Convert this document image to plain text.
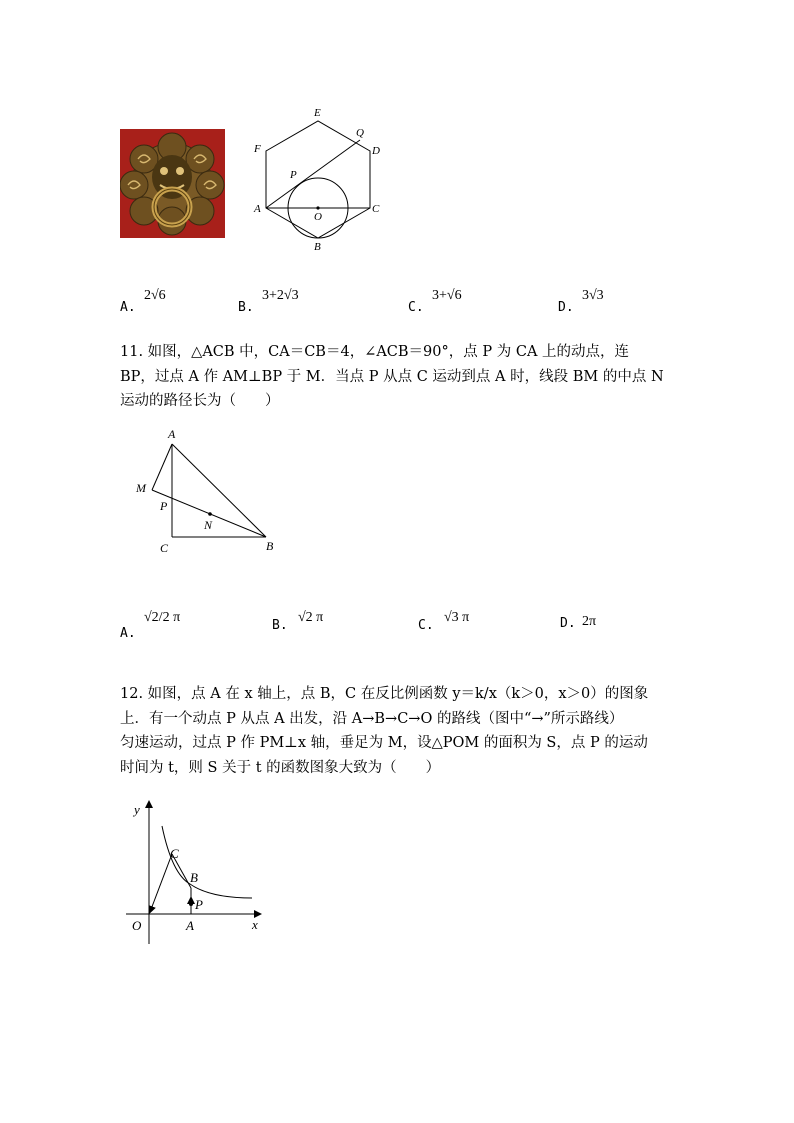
E
F
Q
D
P
A
O
C
B
A.
2√6
B.
3+2√3
C.
3+√6
D.
3√3
11. 如图，△ACB 中，CA＝CB＝4，∠ACB＝90°，点 P 为 CA 上的动点，连
BP，过点 A 作 AM⊥BP 于 M．当点 P 从点 C 运动到点 A 时，线段 BM 的中点 N
运动的路径长为（　　）
A
M
P
N
C	B
A.
√2/2 π
B.
√2 π
C.
√3 π	D. 2π
12. 如图，点 A 在 x 轴上，点 B，C 在反比例函数 y＝k/x（k＞0，x＞0）的图象
上．有一个动点 P 从点 A 出发，沿 A→B→C→O 的路线（图中“→”所示路线）
匀速运动，过点 P 作 PM⊥x 轴，垂足为 M，设△POM 的面积为 S，点 P 的运动
时间为 t，则 S 关于 t 的函数图象大致为（　　）
y
x
O	A
B
C
P
